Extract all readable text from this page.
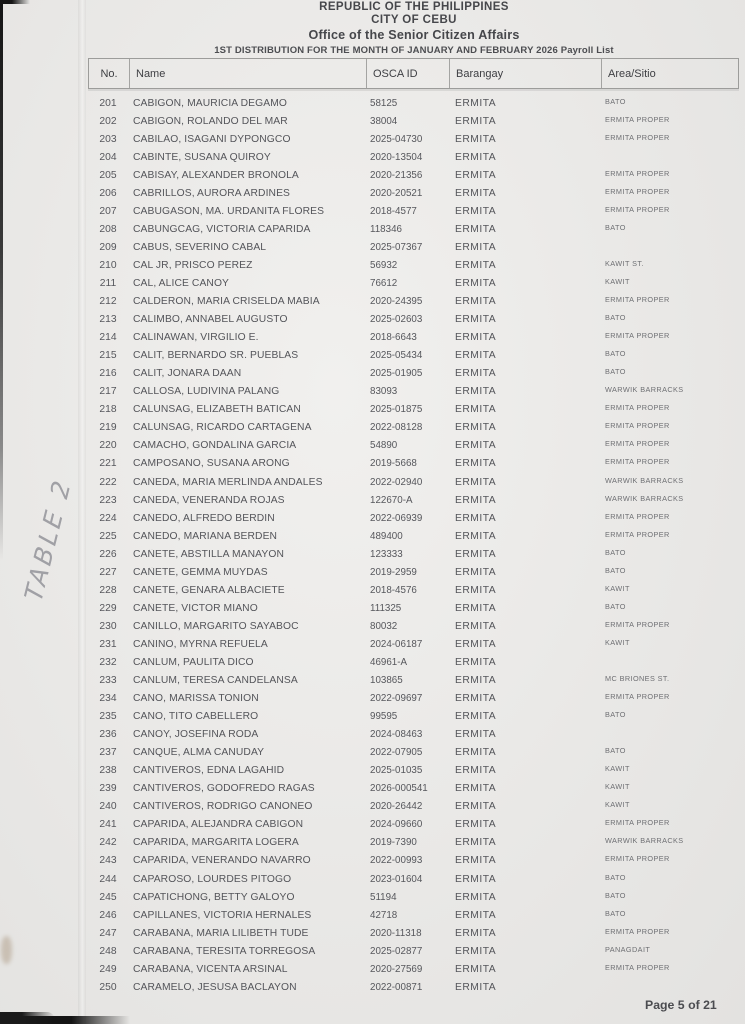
REPUBLIC OF THE PHILIPPINES
CITY OF CEBU
Office of the Senior Citizen Affairs
1ST DISTRIBUTION FOR THE MONTH OF JANUARY AND FEBRUARY 2026 Payroll List
No.	Name	OSCA ID	Barangay	Area/Sitio
201	CABIGON, MAURICIA DEGAMO	58125	ERMITA	BATO
202	CABIGON, ROLANDO DEL MAR	38004	ERMITA	ERMITA PROPER
203	CABILAO, ISAGANI DYPONGCO	2025-04730	ERMITA	ERMITA PROPER
204	CABINTE, SUSANA QUIROY	2020-13504	ERMITA
205	CABISAY, ALEXANDER BROÑOLA	2020-21356	ERMITA	ERMITA PROPER
206	CABRILLOS, AURORA ARDINES	2020-20521	ERMITA	ERMITA PROPER
207	CABUGASON, MA. URDANITA FLORES	2018-4577	ERMITA	ERMITA PROPER
208	CABUNGCAG, VICTORIA CAPARIDA	118346	ERMITA	BATO
209	CABUS, SEVERINO CABAL	2025-07367	ERMITA
210	CAL JR, PRISCO PEREZ	56932	ERMITA	KAWIT ST.
211	CAL, ALICE CANOY	76612	ERMITA	KAWIT
212	CALDERON, MARIA CRISELDA MABIA	2020-24395	ERMITA	ERMITA PROPER
213	CALIMBO, ANNABEL AUGUSTO	2025-02603	ERMITA	BATO
214	CALINAWAN, VIRGILIO E.	2018-6643	ERMITA	ERMITA PROPER
215	CALIT, BERNARDO SR. PUEBLAS	2025-05434	ERMITA	BATO
216	CALIT, JONARA DAAN	2025-01905	ERMITA	BATO
217	CALLOSA, LUDIVINA PALANG	83093	ERMITA	WARWIK BARRACKS
218	CALUNSAG, ELIZABETH BATICAN	2025-01875	ERMITA	ERMITA PROPER
219	CALUNSAG, RICARDO CARTAGENA	2022-08128	ERMITA	ERMITA PROPER
220	CAMACHO, GONDALINA GARCIA	54890	ERMITA	ERMITA PROPER
221	CAMPOSANO, SUSANA ARONG	2019-5668	ERMITA	ERMITA PROPER
222	CAÑEDA, MARIA MERLINDA ANDALES	2022-02940	ERMITA	WARWIK BARRACKS
223	CAÑEDA, VENERANDA ROJAS	122670-A	ERMITA	WARWIK BARRACKS
224	CAÑEDO, ALFREDO BERDIN	2022-06939	ERMITA	ERMITA PROPER
225	CAÑEDO, MARIANA BERDEN	489400	ERMITA	ERMITA PROPER
226	CAÑETE, ABSTILLA MANAYON	123333	ERMITA	BATO
227	CAÑETE, GEMMA MUYDAS	2019-2959	ERMITA	BATO
228	CAÑETE, GENARA ALBACIETE	2018-4576	ERMITA	KAWIT
229	CAÑETE, VICTOR MIANO	111325	ERMITA	BATO
230	CANILLO, MARGARITO SAYABOC	80032	ERMITA	ERMITA PROPER
231	CAÑINO, MYRNA REFUELA	2024-06187	ERMITA	KAWIT
232	CANLUM, PAULITA DICO	46961-A	ERMITA
233	CANLUM, TERESA CANDELANSA	103865	ERMITA	MC BRIONES ST.
234	CANO, MARISSA TONION	2022-09697	ERMITA	ERMITA PROPER
235	CANO, TITO CABELLERO	99595	ERMITA	BATO
236	CANOY, JOSEFINA RODA	2024-08463	ERMITA
237	CANQUE, ALMA CANUDAY	2022-07905	ERMITA	BATO
238	CANTIVEROS, EDNA LAGAHID	2025-01035	ERMITA	KAWIT
239	CANTIVEROS, GODOFREDO RAGAS	2026-000541	ERMITA	KAWIT
240	CANTIVEROS, RODRIGO CAÑONEO	2020-26442	ERMITA	KAWIT
241	CAPARIDA, ALEJANDRA CABIGON	2024-09660	ERMITA	ERMITA PROPER
242	CAPARIDA, MARGARITA LOGERA	2019-7390	ERMITA	WARWIK BARRACKS
243	CAPARIDA, VENERANDO NAVARRO	2022-00993	ERMITA	ERMITA PROPER
244	CAPAROSO, LOURDES PITOGO	2023-01604	ERMITA	BATO
245	CAPATICHONG, BETTY GALOYO	51194	ERMITA	BATO
246	CAPILLAÑES, VICTORIA HERNALES	42718	ERMITA	BATO
247	CARABAÑA, MARIA LILIBETH TUDE	2020-11318	ERMITA	ERMITA PROPER
248	CARABAÑA, TERESITA TORREGOSA	2025-02877	ERMITA	PANAGDAIT
249	CARABAÑA, VICENTA ARSINAL	2020-27569	ERMITA	ERMITA PROPER
250	CARAMELO, JESUSA BACLAYON	2022-00871	ERMITA
TABLE 2
Page 5 of 21
